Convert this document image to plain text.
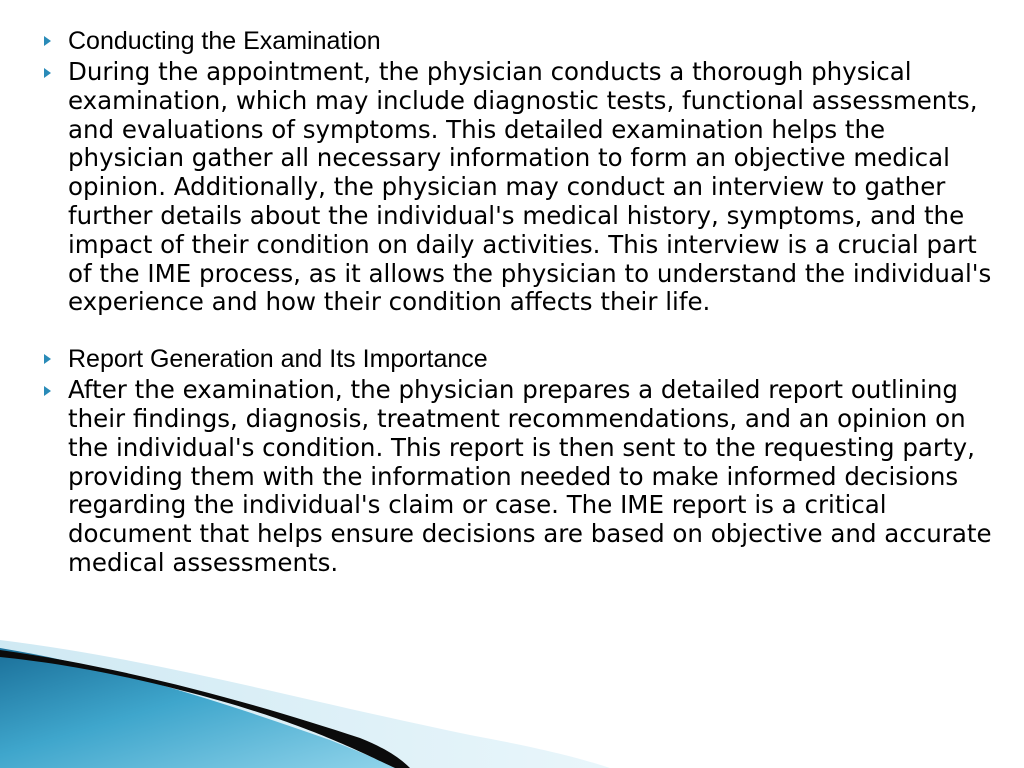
Conducting the Examination
During the appointment, the physician conducts a thorough physical examination, which may include diagnostic tests, functional assessments, and evaluations of symptoms. This detailed examination helps the physician gather all necessary information to form an objective medical opinion. Additionally, the physician may conduct an interview to gather further details about the individual's medical history, symptoms, and the impact of their condition on daily activities. This interview is a crucial part of the IME process, as it allows the physician to understand the individual's experience and how their condition affects their life.
Report Generation and Its Importance
After the examination, the physician prepares a detailed report outlining their findings, diagnosis, treatment recommendations, and an opinion on the individual's condition. This report is then sent to the requesting party, providing them with the information needed to make informed decisions regarding the individual's claim or case. The IME report is a critical document that helps ensure decisions are based on objective and accurate medical assessments.
